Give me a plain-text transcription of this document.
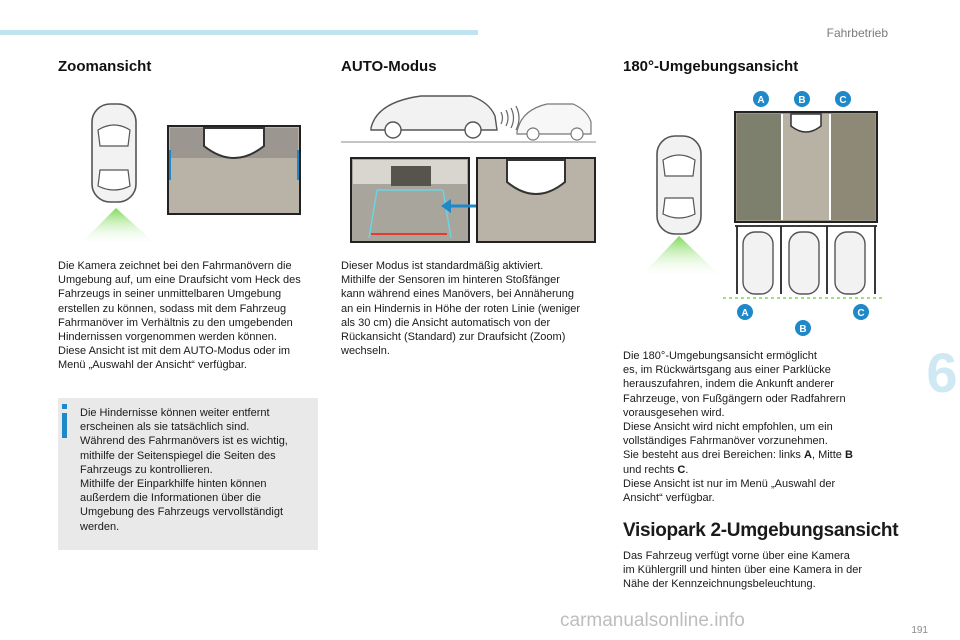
Fahrbetrieb
Zoomansicht

Die Kamera zeichnet bei den Fahrmanövern die

Umgebung auf, um eine Draufsicht vom Heck des

Fahrzeugs in seiner unmittelbaren Umgebung

erstellen zu können, sodass mit dem Fahrzeug

Fahrmanöver im Verhältnis zu den umgebenden

Hindernissen vorgenommen werden können.

Diese Ansicht ist mit dem AUTO-Modus oder im

Menü „Auswahl der Ansicht“ verfügbar.

Die Hindernisse können weiter entfernt
erscheinen als sie tatsächlich sind.
Während des Fahrmanövers ist es wichtig,
mithilfe der Seitenspiegel die Seiten des
Fahrzeugs zu kontrollieren.
Mithilfe der Einparkhilfe hinten können
außerdem die Informationen über die
Umgebung des Fahrzeugs vervollständigt
werden.
AUTO-Modus

Dieser Modus ist standardmäßig aktiviert.

Mithilfe der Sensoren im hinteren Stoßfänger

kann während eines Manövers, bei Annäherung

an ein Hindernis in Höhe der roten Linie (weniger

als 30 cm) die Ansicht automatisch von der

Rückansicht (Standard) zur Draufsicht (Zoom)

wechseln.

180°-Umgebungsansicht
A	B	C
A
B
C

Die 180°-Umgebungsansicht ermöglicht

es, im Rückwärtsgang aus einer Parklücke

herauszufahren, indem die Ankunft anderer

Fahrzeuge, von Fußgängern oder Radfahrern

vorausgesehen wird.

Diese Ansicht wird nicht empfohlen, um ein

vollständiges Fahrmanöver vorzunehmen.

Sie besteht aus drei Bereichen: links A, Mitte B

und rechts C.

Diese Ansicht ist nur im Menü „Auswahl der

Ansicht“ verfügbar.

Visiopark 2-Umgebungsansicht

Das Fahrzeug verfügt vorne über eine Kamera

im Kühlergrill und hinten über eine Kamera in der

Nähe der Kennzeichnungsbeleuchtung.

6
191
carmanualsonline.info
